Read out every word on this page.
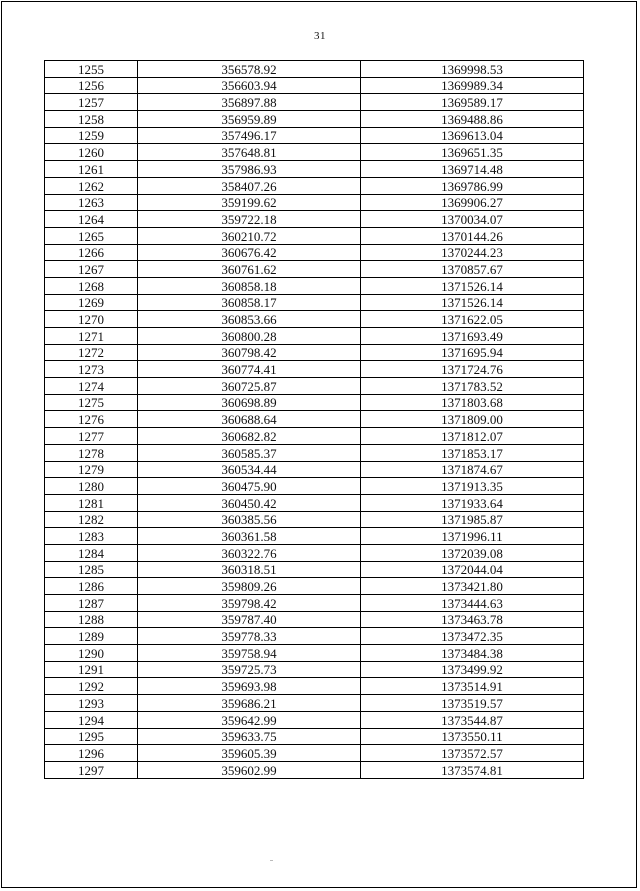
31
1255	356578.92	1369998.53
1256	356603.94	1369989.34
1257	356897.88	1369589.17
1258	356959.89	1369488.86
1259	357496.17	1369613.04
1260	357648.81	1369651.35
1261	357986.93	1369714.48
1262	358407.26	1369786.99
1263	359199.62	1369906.27
1264	359722.18	1370034.07
1265	360210.72	1370144.26
1266	360676.42	1370244.23
1267	360761.62	1370857.67
1268	360858.18	1371526.14
1269	360858.17	1371526.14
1270	360853.66	1371622.05
1271	360800.28	1371693.49
1272	360798.42	1371695.94
1273	360774.41	1371724.76
1274	360725.87	1371783.52
1275	360698.89	1371803.68
1276	360688.64	1371809.00
1277	360682.82	1371812.07
1278	360585.37	1371853.17
1279	360534.44	1371874.67
1280	360475.90	1371913.35
1281	360450.42	1371933.64
1282	360385.56	1371985.87
1283	360361.58	1371996.11
1284	360322.76	1372039.08
1285	360318.51	1372044.04
1286	359809.26	1373421.80
1287	359798.42	1373444.63
1288	359787.40	1373463.78
1289	359778.33	1373472.35
1290	359758.94	1373484.38
1291	359725.73	1373499.92
1292	359693.98	1373514.91
1293	359686.21	1373519.57
1294	359642.99	1373544.87
1295	359633.75	1373550.11
1296	359605.39	1373572.57
1297	359602.99	1373574.81
